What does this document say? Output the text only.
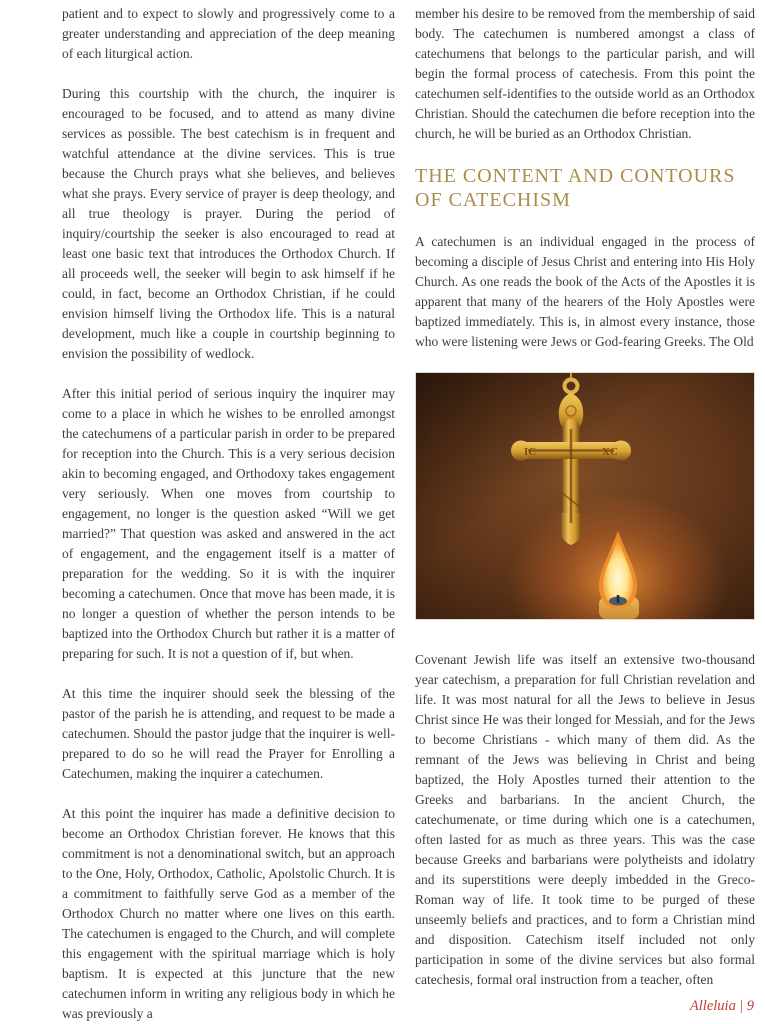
patient and to expect to slowly and progressively come to a greater understanding and appreciation of the deep meaning of each liturgical action.

During this courtship with the church, the inquirer is encouraged to be focused, and to attend as many divine services as possible. The best catechism is in frequent and watchful attendance at the divine services. This is true because the Church prays what she believes, and believes what she prays. Every service of prayer is deep theology, and all true theology is prayer. During the period of inquiry/courtship the seeker is also encouraged to read at least one basic text that introduces the Orthodox Church. If all proceeds well, the seeker will begin to ask himself if he could, in fact, become an Orthodox Christian, if he could envision himself living the Orthodox life. This is a natural development, much like a couple in courtship beginning to envision the possibility of wedlock.

After this initial period of serious inquiry the inquirer may come to a place in which he wishes to be enrolled amongst the catechumens of a particular parish in order to be prepared for reception into the Church. This is a very serious decision akin to becoming engaged, and Orthodoxy takes engagement very seriously. When one moves from courtship to engagement, no longer is the question asked “Will we get married?” That question was asked and answered in the act of engagement, and the engagement itself is a matter of preparation for the wedding. So it is with the inquirer becoming a catechumen. Once that move has been made, it is no longer a question of whether the person intends to be baptized into the Orthodox Church but rather it is a matter of preparing for such. It is not a question of if, but when.

At this time the inquirer should seek the blessing of the pastor of the parish he is attending, and request to be made a catechumen. Should the pastor judge that the inquirer is well-prepared to do so he will read the Prayer for Enrolling a Catechumen, making the inquirer a catechumen.

At this point the inquirer has made a definitive decision to become an Orthodox Christian forever. He knows that this commitment is not a denominational switch, but an approach to the One, Holy, Orthodox, Catholic, Apolstolic Church. It is a commitment to faithfully serve God as a member of the Orthodox Church no matter where one lives on this earth. The catechumen is engaged to the Church, and will complete this engagement with the spiritual marriage which is holy baptism. It is expected at this juncture that the new catechumen inform in writing any religious body in which he was previously a

member his desire to be removed from the membership of said body. The catechumen is numbered amongst a class of catechumens that belongs to the particular parish, and will begin the formal process of catechesis. From this point the catechumen self-identifies to the outside world as an Orthodox Christian. Should the catechumen die before reception into the church, he will be buried as an Orthodox Christian.

THE CONTENT AND CONTOURS OF CATECHISM

A catechumen is an individual engaged in the process of becoming a disciple of Jesus Christ and entering into His Holy Church. As one reads the book of the Acts of the Apostles it is apparent that many of the hearers of the Holy Apostles were baptized immediately. This is, in almost every instance, those who were listening were Jews or God-fearing Greeks. The Old

IC	XC

Covenant Jewish life was itself an extensive two-thousand year catechism, a preparation for full Christian revelation and life. It was most natural for all the Jews to believe in Jesus Christ since He was their longed for Messiah, and for the Jews to become Christians - which many of them did. As the remnant of the Jews was believing in Christ and being baptized, the Holy Apostles turned their attention to the Greeks and barbarians. In the ancient Church, the catechumenate, or time during which one is a catechumen, often lasted for as much as three years. This was the case because Greeks and barbarians were polytheists and idolatry and its superstitions were deeply imbedded in the Greco-Roman way of life. It took time to be purged of these unseemly beliefs and practices, and to form a Christian mind and disposition. Catechism itself included not only participation in some of the divine services but also formal catechesis, formal oral instruction from a teacher, often

Alleluia | 9
